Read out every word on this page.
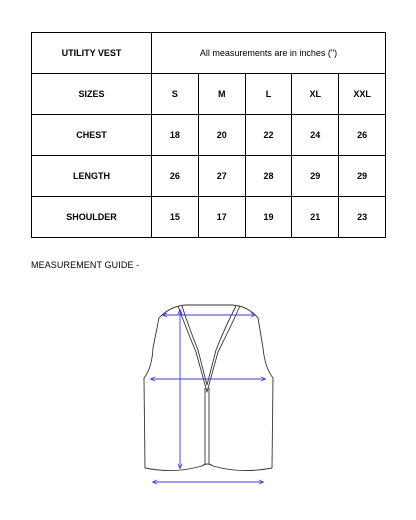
UTILITY VEST	All measurements are in inches (")				
SIZES	S	M	L	XL	XXL
CHEST	18	20	22	24	26
LENGTH	26	27	28	29	29
SHOULDER	15	17	19	21	23
MEASUREMENT GUIDE -
